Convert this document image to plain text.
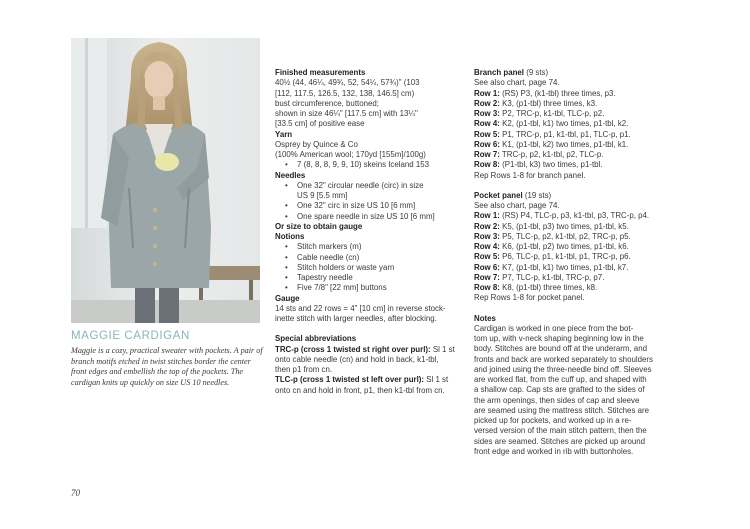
MAGGIE CARDIGAN
Maggie is a cozy, practical sweater with pockets. A pair of branch motifs etched in twist stitches border the center front edges and embellish the top of the pockets. The cardigan knits up quickly on size US 10 needles.
70
Finished measurements
40½ (44, 46¼, 49¾, 52, 54¼, 57¾)" (103
[112, 117.5, 126.5, 132, 138, 146.5] cm)
bust circumference, buttoned;
shown in size 46¼" [117.5 cm] with 13¼"
[33.5 cm] of positive ease
Yarn
Osprey by Quince & Co
(100% American wool; 170yd [155m]/100g)
• 7 (8, 8, 8, 9, 9, 10) skeins Iceland 153
Needles
• One 32" circular needle (circ) in size
US 9 [5.5 mm]
• One 32" circ in size US 10 [6 mm]
• One spare needle in size US 10 [6 mm]
Or size to obtain gauge
Notions
• Stitch markers (m)
• Cable needle (cn)
• Stitch holders or waste yarn
• Tapestry needle
• Five 7/8" [22 mm] buttons
Gauge
14 sts and 22 rows = 4" [10 cm] in reverse stock-
inette stitch with larger needles, after blocking.
Special abbreviations
TRC-p (cross 1 twisted st right over purl): Sl 1 st
onto cable needle (cn) and hold in back, k1-tbl,
then p1 from cn.
TLC-p (cross 1 twisted st left over purl): Sl 1 st
onto cn and hold in front, p1, then k1-tbl from cn.
Branch panel (9 sts)
See also chart, page 74.
Row 1: (RS) P3, (k1-tbl) three times, p3.
Row 2: K3, (p1-tbl) three times, k3.
Row 3: P2, TRC-p, k1-tbl, TLC-p, p2.
Row 4: K2, (p1-tbl, k1) two times, p1-tbl, k2.
Row 5: P1, TRC-p, p1, k1-tbl, p1, TLC-p, p1.
Row 6: K1, (p1-tbl, k2) two times, p1-tbl, k1.
Row 7: TRC-p, p2, k1-tbl, p2, TLC-p.
Row 8: (P1-tbl, k3) two times, p1-tbl.
Rep Rows 1-8 for branch panel.
Pocket panel (19 sts)
See also chart, page 74.
Row 1: (RS) P4, TLC-p, p3, k1-tbl, p3, TRC-p, p4.
Row 2: K5, (p1-tbl, p3) two times, p1-tbl, k5.
Row 3: P5, TLC-p, p2, k1-tbl, p2, TRC-p, p5.
Row 4: K6, (p1-tbl, p2) two times, p1-tbl, k6.
Row 5: P6, TLC-p, p1, k1-tbl, p1, TRC-p, p6.
Row 6: K7, (p1-tbl, k1) two times, p1-tbl, k7.
Row 7: P7, TLC-p, k1-tbl, TRC-p, p7.
Row 8: K8, (p1-tbl) three times, k8.
Rep Rows 1-8 for pocket panel.
Notes
Cardigan is worked in one piece from the bot-
tom up, with v-neck shaping beginning low in the
body. Stitches are bound off at the underarm, and
fronts and back are worked separately to shoulders
and joined using the three-needle bind off. Sleeves
are worked flat, from the cuff up, and shaped with
a shallow cap. Cap sts are grafted to the sides of
the arm openings, then sides of cap and sleeve
are seamed using the mattress stitch. Stitches are
picked up for pockets, and worked up in a re-
versed version of the main stitch pattern, then the
sides are seamed. Stitches are picked up around
front edge and worked in rib with buttonholes.
